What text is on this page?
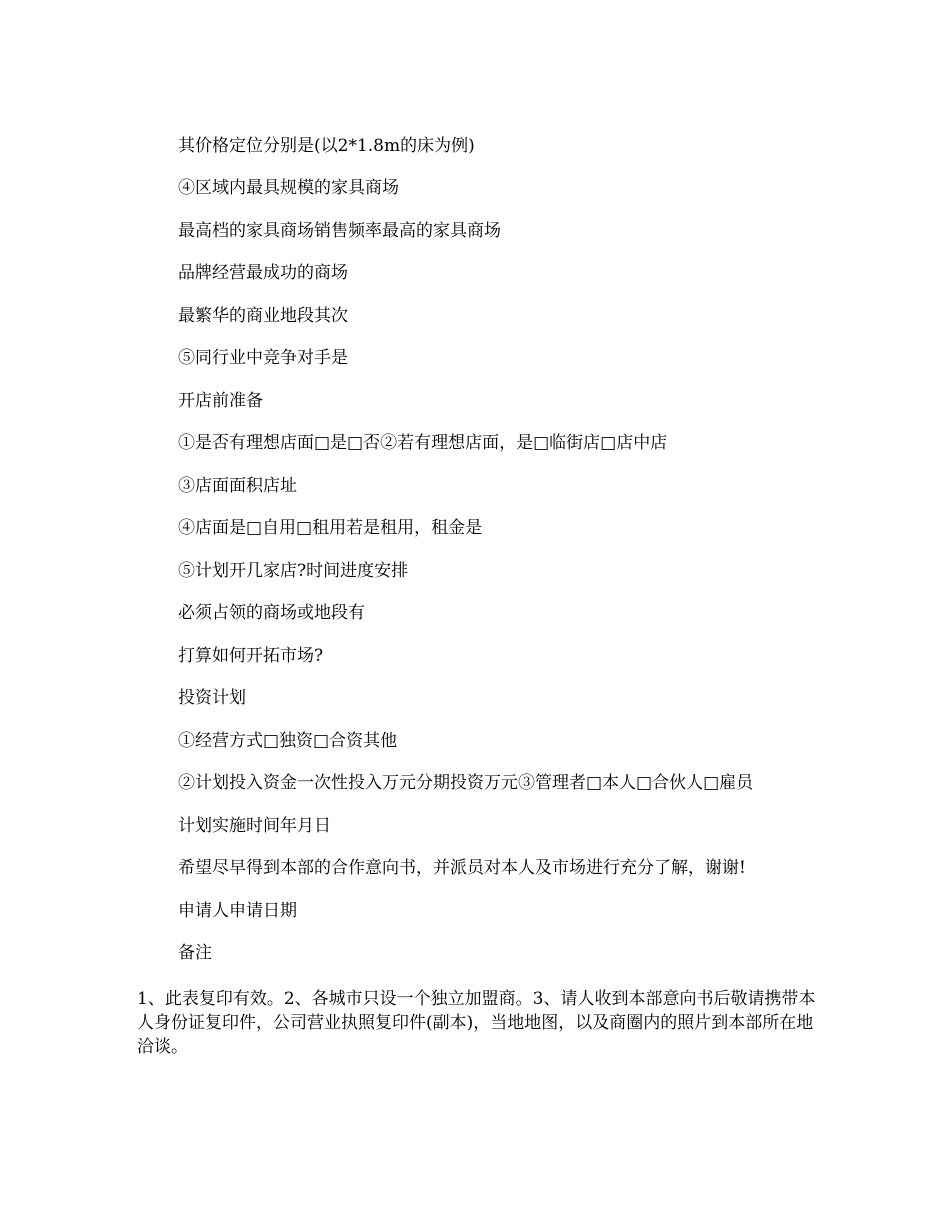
其价格定位分别是(以2*1.8m的床为例)
④区域内最具规模的家具商场
最高档的家具商场销售频率最高的家具商场
品牌经营最成功的商场
最繁华的商业地段其次
⑤同行业中竞争对手是
开店前准备
①是否有理想店面□是□否②若有理想店面，是□临街店□店中店
③店面面积店址
④店面是□自用□租用若是租用，租金是
⑤计划开几家店?时间进度安排
必须占领的商场或地段有
打算如何开拓市场?
投资计划
①经营方式□独资□合资其他
②计划投入资金一次性投入万元分期投资万元③管理者□本人□合伙人□雇员
计划实施时间年月日
希望尽早得到本部的合作意向书，并派员对本人及市场进行充分了解，谢谢!
申请人申请日期
备注
1、此表复印有效。2、各城市只设一个独立加盟商。3、请人收到本部意向书后敬请携带本人身份证复印件，公司营业执照复印件(副本)，当地地图，以及商圈内的照片到本部所在地洽谈。
